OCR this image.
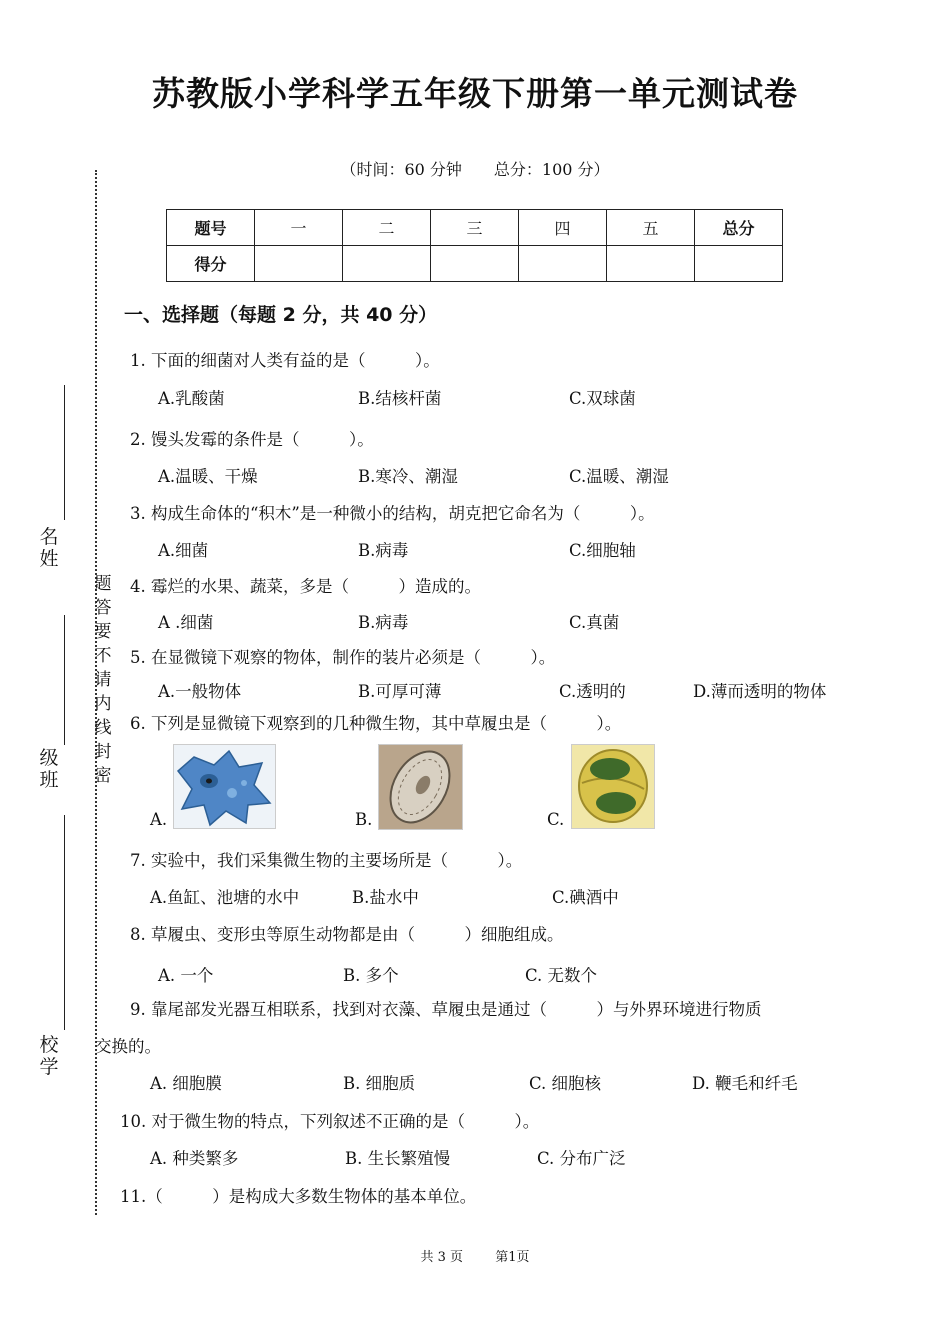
苏教版小学科学五年级下册第一单元测试卷
（时间：60 分钟　　总分：100 分）
名姓
级班
校学
题答要不请内线封密
题号	一	二	三	四	五	总分
得分						
一、选择题（每题 2 分，共 40 分）
1. 下面的细菌对人类有益的是（　　　）。
A.乳酸菌	B.结核杆菌	C.双球菌
2. 馒头发霉的条件是（　　　）。
A.温暖、干燥	B.寒冷、潮湿	C.温暖、潮湿
3. 构成生命体的“积木”是一种微小的结构，胡克把它命名为（　　　）。
A.细菌	B.病毒	C.细胞轴
4. 霉烂的水果、蔬菜，多是（　　　）造成的。
A .细菌	B.病毒	C.真菌
5. 在显微镜下观察的物体，制作的装片必须是（　　　）。
A.一般物体	B.可厚可薄	C.透明的	D.薄而透明的物体
6. 下列是显微镜下观察到的几种微生物，其中草履虫是（　　　）。
A.	B.	C.
7. 实验中，我们采集微生物的主要场所是（　　　）。
A.鱼缸、池塘的水中	B.盐水中	C.碘酒中
8. 草履虫、变形虫等原生动物都是由（　　　）细胞组成。
A. 一个	B. 多个	C. 无数个
9. 靠尾部发光器互相联系，找到对衣藻、草履虫是通过（　　　）与外界环境进行物质
交换的。
A. 细胞膜	B. 细胞质	C. 细胞核	D. 鞭毛和纤毛
10. 对于微生物的特点，下列叙述不正确的是（　　　）。
A. 种类繁多	B. 生长繁殖慢	C. 分布广泛
11.（　　　）是构成大多数生物体的基本单位。
共 3 页 第1页
